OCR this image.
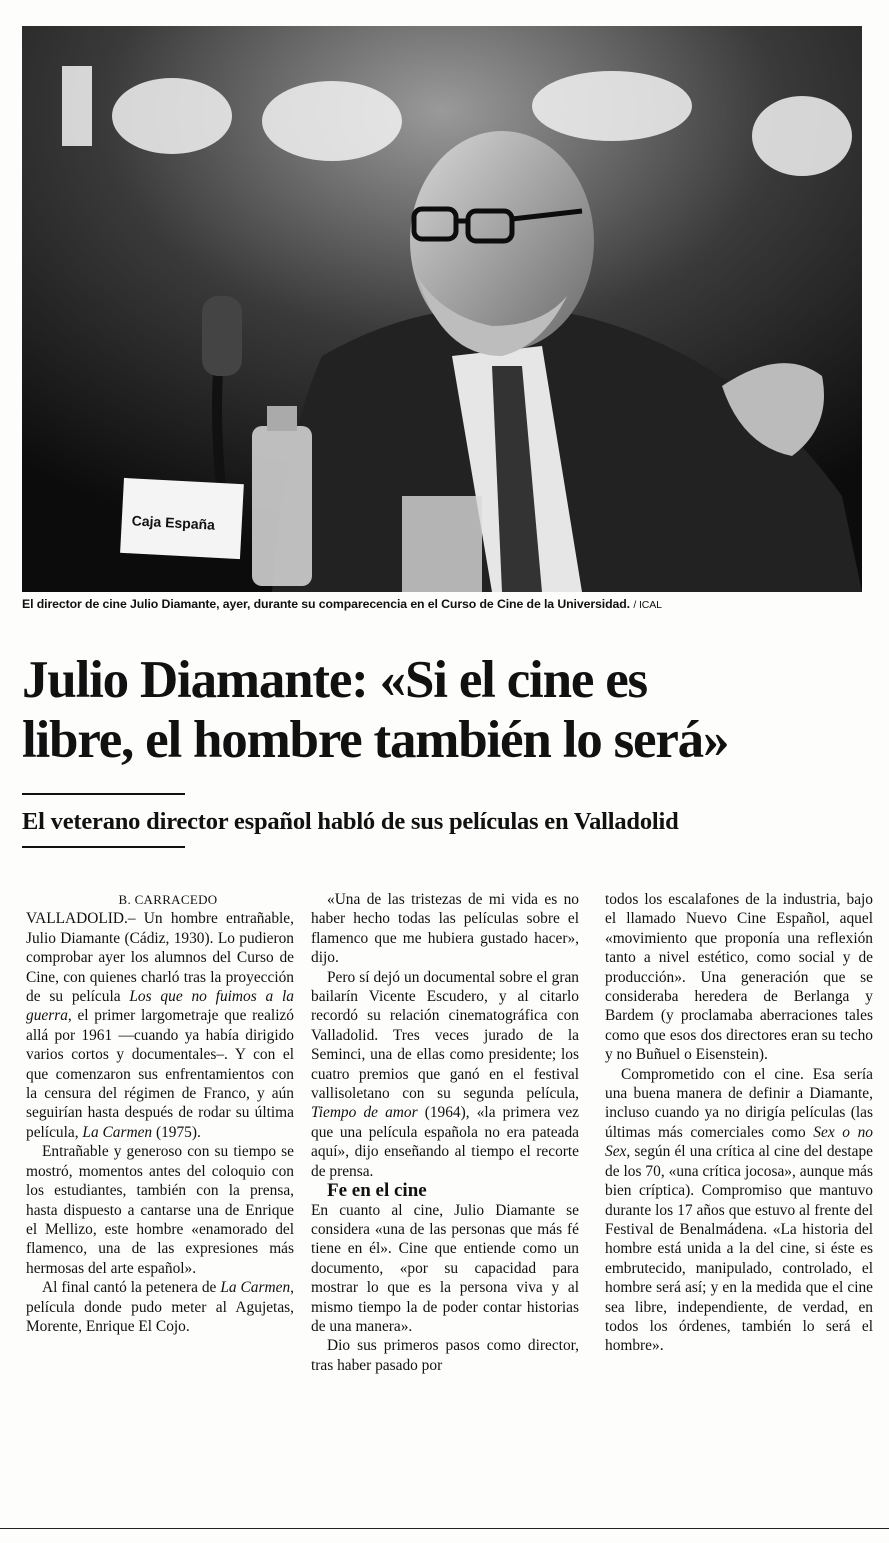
Caja España
El director de cine Julio Diamante, ayer, durante su comparecencia en el Curso de Cine de la Universidad. / ICAL
Julio Diamante: «Si el cine es
libre, el hombre también lo será»
El veterano director español habló de sus películas en Valladolid

B. CARRACEDO

VALLADOLID.– Un hombre entrañable, Julio Diamante (Cádiz, 1930). Lo pudieron comprobar ayer los alumnos del Curso de Cine, con quienes charló tras la proyección de su película Los que no fuimos a la guerra, el primer largometraje que realizó allá por 1961 —cuando ya había dirigido varios cortos y documentales–. Y con el que comenzaron sus enfrentamientos con la censura del régimen de Franco, y aún seguirían hasta después de rodar su última película, La Carmen (1975).

Entrañable y generoso con su tiempo se mostró, momentos antes del coloquio con los estudiantes, también con la prensa, hasta dispuesto a cantarse una de Enrique el Mellizo, este hombre «enamorado del flamenco, una de las expresiones más hermosas del arte español».

Al final cantó la petenera de La Carmen, película donde pudo meter al Agujetas, Morente, Enrique El Cojo.

«Una de las tristezas de mi vida es no haber hecho todas las películas sobre el flamenco que me hubiera gustado hacer», dijo.

Pero sí dejó un documental sobre el gran bailarín Vicente Escudero, y al citarlo recordó su relación cinematográfica con Valladolid. Tres veces jurado de la Seminci, una de ellas como presidente; los cuatro premios que ganó en el festival vallisoletano con su segunda película, Tiempo de amor (1964), «la primera vez que una película española no era pateada aquí», dijo enseñando al tiempo el recorte de prensa.

Fe en el cine

En cuanto al cine, Julio Diamante se considera «una de las personas que más fé tiene en él». Cine que entiende como un documento, «por su capacidad para mostrar lo que es la persona viva y al mismo tiempo la de poder contar historias de una manera».

Dio sus primeros pasos como director, tras haber pasado por

todos los escalafones de la industria, bajo el llamado Nuevo Cine Español, aquel «movimiento que proponía una reflexión tanto a nivel estético, como social y de producción». Una generación que se consideraba heredera de Berlanga y Bardem (y proclamaba aberraciones tales como que esos dos directores eran su techo y no Buñuel o Eisenstein).

Comprometido con el cine. Esa sería una buena manera de definir a Diamante, incluso cuando ya no dirigía películas (las últimas más comerciales como Sex o no Sex, según él una crítica al cine del destape de los 70, «una crítica jocosa», aunque más bien críptica). Compromiso que mantuvo durante los 17 años que estuvo al frente del Festival de Benalmádena. «La historia del hombre está unida a la del cine, si éste es embrutecido, manipulado, controlado, el hombre será así; y en la medida que el cine sea libre, independiente, de verdad, en todos los órdenes, también lo será el hombre».
